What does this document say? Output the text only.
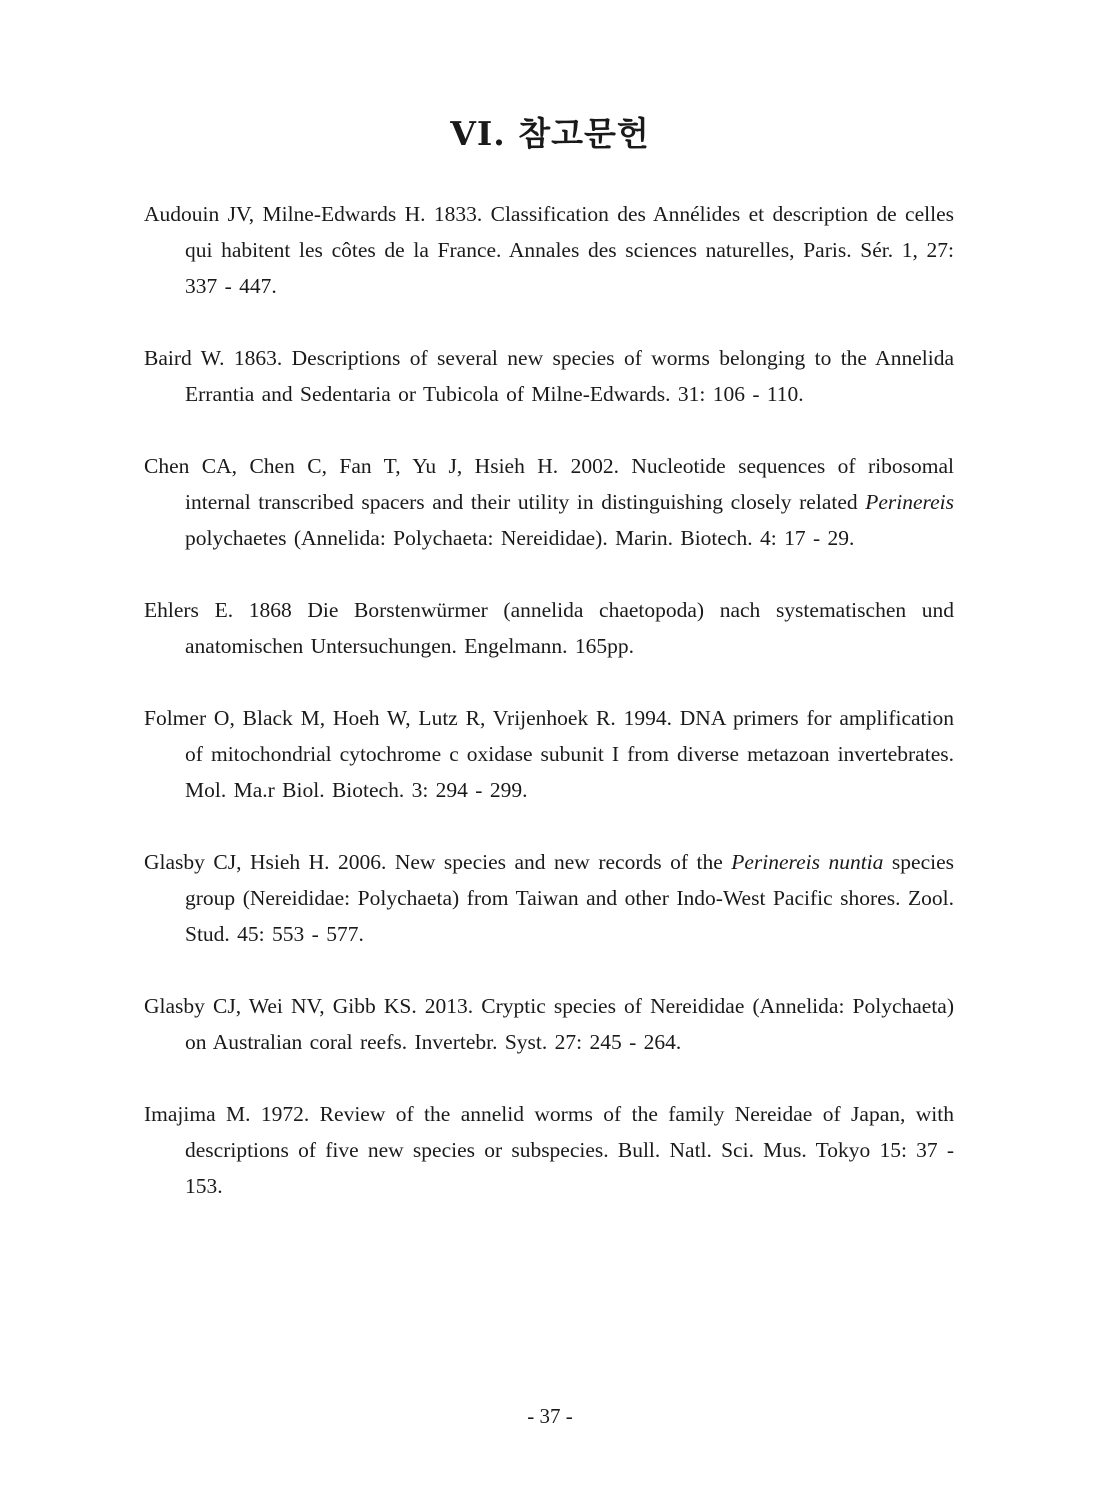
VI. 참고문헌
Audouin JV, Milne-Edwards H. 1833. Classification des Annélides et description de celles qui habitent les côtes de la France. Annales des sciences naturelles, Paris. Sér. 1, 27: 337 - 447.
Baird W. 1863. Descriptions of several new species of worms belonging to the Annelida Errantia and Sedentaria or Tubicola of Milne-Edwards. 31: 106 - 110.
Chen CA, Chen C, Fan T, Yu J, Hsieh H. 2002. Nucleotide sequences of ribosomal internal transcribed spacers and their utility in distinguishing closely related Perinereis polychaetes (Annelida: Polychaeta: Nereididae). Marin. Biotech. 4: 17 - 29.
Ehlers E. 1868 Die Borstenwürmer (annelida chaetopoda) nach systematischen und anatomischen Untersuchungen. Engelmann. 165pp.
Folmer O, Black M, Hoeh W, Lutz R, Vrijenhoek R. 1994. DNA primers for amplification of mitochondrial cytochrome c oxidase subunit I from diverse metazoan invertebrates. Mol. Ma.r Biol. Biotech. 3: 294 - 299.
Glasby CJ, Hsieh H. 2006. New species and new records of the Perinereis nuntia species group (Nereididae: Polychaeta) from Taiwan and other Indo-West Pacific shores. Zool. Stud. 45: 553 - 577.
Glasby CJ, Wei NV, Gibb KS. 2013. Cryptic species of Nereididae (Annelida: Polychaeta) on Australian coral reefs. Invertebr. Syst. 27: 245 - 264.
Imajima M. 1972. Review of the annelid worms of the family Nereidae of Japan, with descriptions of five new species or subspecies. Bull. Natl. Sci. Mus. Tokyo 15: 37 - 153.
- 37 -
